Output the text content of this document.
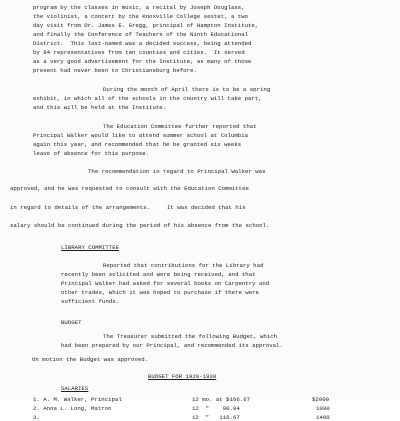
program by the classes in music, a recital by Joseph Douglass,

the violinist, a concert by the Knoxville College sextet, a two

day visit from Dr. James E. Gregg, principal of Hampton Institute,

and finally the Conference of Teachers of the Ninth Educational

District.  This last-named was a decided success, being attended

by 84 representatives from ten counties and cities.  It served

as a very good advertisement for the Institute, as many of those

present had never been to Christiansburg before.

During the month of April there is to be a spring

exhibit, in which all of the schools in the country will take part,

and this will be held at the Institute.

The Education Committee further reported that

Principal Walker would like to attend summer school at Columbia

again this year, and recommended that he be granted six weeks

leave of absence for this purpose.

The recommendation in regard to Principal Walker was

approved, and he was requested to consult with the Education Committee

in regard to details of the arrangements.     It was decided that his

salary should be continued during the period of his absence from the school.

LIBRARY COMMITTEE

Reported that contributions for the Library had

recently been solicited and were being received, and that

Principal Walker had asked for several books on Carpentry and

other trades, which it was hoped to purchase if there were

sufficient funds.

BUDGET

The Treasurer submitted the following Budget, which

had been prepared by our Principal, and recommended its approval.

On motion the Budget was approved.

BUDGET FOR 1929-1930

SALARIES

1. A. M. Walker, Principal	12 mo. at $166.67	$2000
2. Anna L. Long, Matron	12  "    90.84	1090
3.	12  "   116.67	1400
